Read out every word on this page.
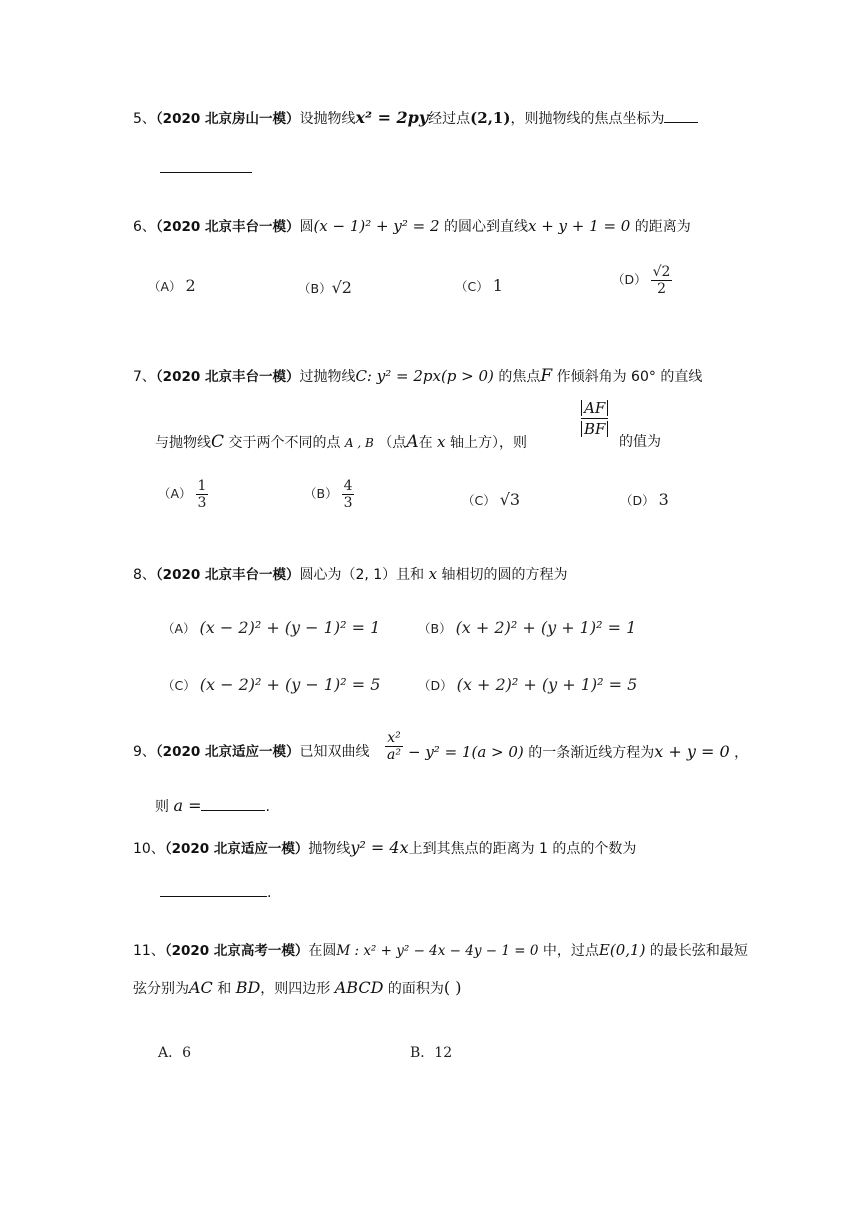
5、（2020 北京房山一模）设抛物线x² = 2py经过点(2,1)，则抛物线的焦点坐标为
6、（2020 北京丰台一模）圆(x − 1)² + y² = 2 的圆心到直线x + y + 1 = 0 的距离为
（A） 2	（B）√2	（C） 1	$(D) \frac{√2}{2}$
7、（2020 北京丰台一模）过抛物线C: y² = 2px(p > 0) 的焦点F 作倾斜角为 60° 的直线
与抛物线C 交于两个不同的点 A , B （点A在 x 轴上方），则
$\frac{AF}{BF}$
的值为
$(A) \frac{1}{3}$	$(B) \frac{4}{3}$	（C） √3	（D） 3
8、（2020 北京丰台一模）圆心为（2, 1）且和 x 轴相切的圆的方程为
（A） (x − 2)² + (y − 1)² = 1	（B） (x + 2)² + (y + 1)² = 1
（C） (x − 2)² + (y − 1)² = 5	（D） (x + 2)² + (y + 1)² = 5
9、（2020 北京适应一模）已知双曲线 $\frac{\text{x²}}{\text{a²}} - y^2 = 1(a > 0)$ 的一条渐近线方程为x + y = 0 ，
则 a =	.
10、（2020 北京适应一模）抛物线y² = 4x上到其焦点的距离为 1 的点的个数为
.
11、（2020 北京高考一模）在圆M : x² + y² − 4x − 4y − 1 = 0 中，过点E(0,1) 的最长弦和最短
弦分别为AC 和 BD，则四边形 ABCD 的面积为( )
A．6	B．12
